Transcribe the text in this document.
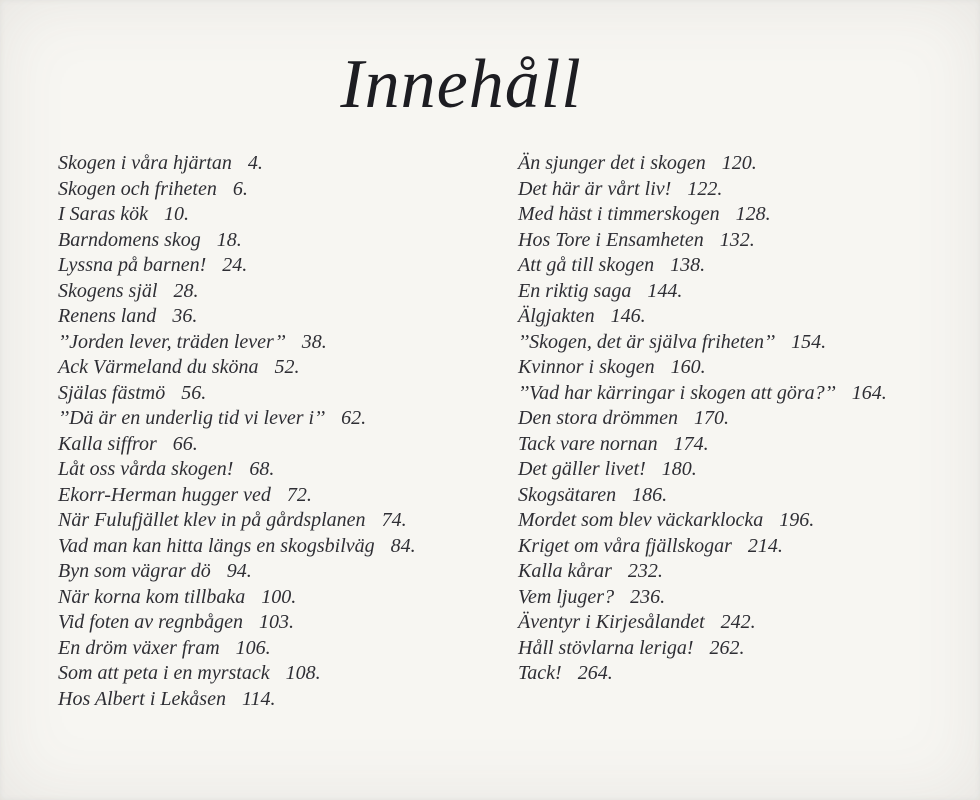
Innehåll
Skogen i våra hjärtan 4.
Skogen och friheten 6.
I Saras kök 10.
Barndomens skog 18.
Lyssna på barnen! 24.
Skogens själ 28.
Renens land 36.
’’Jorden lever, träden lever’’ 38.
Ack Värmeland du sköna 52.
Själas fästmö 56.
’’Dä är en underlig tid vi lever i’’ 62.
Kalla siffror 66.
Låt oss vårda skogen! 68.
Ekorr-Herman hugger ved 72.
När Fulufjället klev in på gårdsplanen 74.
Vad man kan hitta längs en skogsbilväg 84.
Byn som vägrar dö 94.
När korna kom tillbaka 100.
Vid foten av regnbågen 103.
En dröm växer fram 106.
Som att peta i en myrstack 108.
Hos Albert i Lekåsen 114.
Än sjunger det i skogen 120.
Det här är vårt liv! 122.
Med häst i timmerskogen 128.
Hos Tore i Ensamheten 132.
Att gå till skogen 138.
En riktig saga 144.
Älgjakten 146.
’’Skogen, det är själva friheten’’ 154.
Kvinnor i skogen 160.
’’Vad har kärringar i skogen att göra?’’ 164.
Den stora drömmen 170.
Tack vare nornan 174.
Det gäller livet! 180.
Skogsätaren 186.
Mordet som blev väckarklocka 196.
Kriget om våra fjällskogar 214.
Kalla kårar 232.
Vem ljuger? 236.
Äventyr i Kirjesålandet 242.
Håll stövlarna leriga! 262.
Tack! 264.
